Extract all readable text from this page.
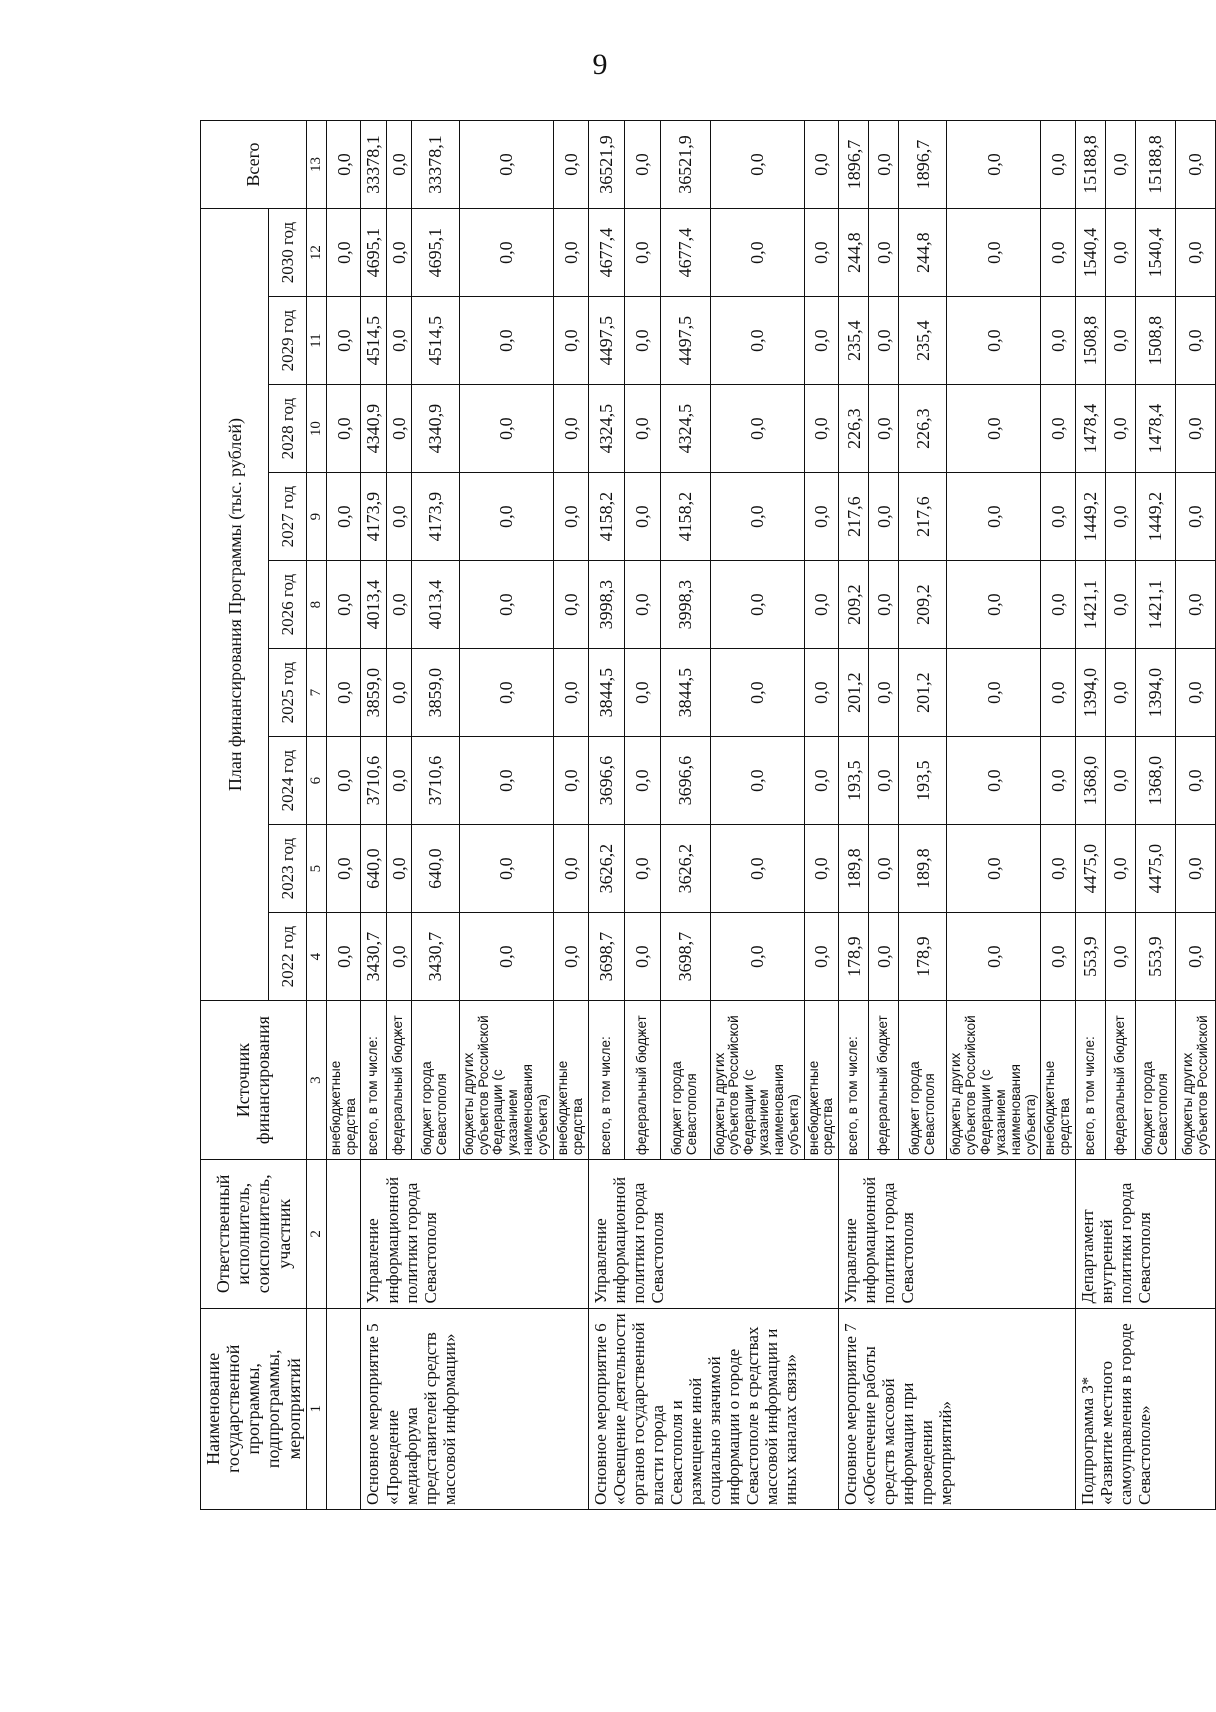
9
Наименование государственной программы, подпрограммы, мероприятий	Ответственный исполнитель, соисполнитель, участник	Источник финансирования	План финансирования Программы (тыс. рублей)									Всего
			2022 год	2023 год	2024 год	2025 год	2026 год	2027 год	2028 год	2029 год	2030 год	
1	2	3	4	5	6	7	8	9	10	11	12	13
		внебюджетные средства	0,0	0,0	0,0	0,0	0,0	0,0	0,0	0,0	0,0	0,0
Основное мероприятие 5 «Проведение медиафорума представителей средств массовой информации»	Управление информационной политики города Севастополя	всего, в том числе:	3430,7	640,0	3710,6	3859,0	4013,4	4173,9	4340,9	4514,5	4695,1	33378,1
		федеральный бюджет	0,0	0,0	0,0	0,0	0,0	0,0	0,0	0,0	0,0	0,0
		бюджет города Севастополя	3430,7	640,0	3710,6	3859,0	4013,4	4173,9	4340,9	4514,5	4695,1	33378,1
		бюджеты других субъектов Российской Федерации (с указанием наименования субъекта)	0,0	0,0	0,0	0,0	0,0	0,0	0,0	0,0	0,0	0,0
		внебюджетные средства	0,0	0,0	0,0	0,0	0,0	0,0	0,0	0,0	0,0	0,0
Основное мероприятие 6 «Освещение деятельности органов государственной власти города Севастополя и размещение иной социально значимой информации о городе Севастополе в средствах массовой информации и иных каналах связи»	Управление информационной политики города Севастополя	всего, в том числе:	3698,7	3626,2	3696,6	3844,5	3998,3	4158,2	4324,5	4497,5	4677,4	36521,9
		федеральный бюджет	0,0	0,0	0,0	0,0	0,0	0,0	0,0	0,0	0,0	0,0
		бюджет города Севастополя	3698,7	3626,2	3696,6	3844,5	3998,3	4158,2	4324,5	4497,5	4677,4	36521,9
		бюджеты других субъектов Российской Федерации (с указанием наименования субъекта)	0,0	0,0	0,0	0,0	0,0	0,0	0,0	0,0	0,0	0,0
		внебюджетные средства	0,0	0,0	0,0	0,0	0,0	0,0	0,0	0,0	0,0	0,0
Основное мероприятие 7 «Обеспечение работы средств массовой информации при проведении мероприятий»	Управление информационной политики города Севастополя	всего, в том числе:	178,9	189,8	193,5	201,2	209,2	217,6	226,3	235,4	244,8	1896,7
		федеральный бюджет	0,0	0,0	0,0	0,0	0,0	0,0	0,0	0,0	0,0	0,0
		бюджет города Севастополя	178,9	189,8	193,5	201,2	209,2	217,6	226,3	235,4	244,8	1896,7
		бюджеты других субъектов Российской Федерации (с указанием наименования субъекта)	0,0	0,0	0,0	0,0	0,0	0,0	0,0	0,0	0,0	0,0
		внебюджетные средства	0,0	0,0	0,0	0,0	0,0	0,0	0,0	0,0	0,0	0,0
Подпрограмма 3* «Развитие местного самоуправления в городе Севастополе»	Департамент внутренней политики города Севастополя	всего, в том числе:	553,9	4475,0	1368,0	1394,0	1421,1	1449,2	1478,4	1508,8	1540,4	15188,8
		федеральный бюджет	0,0	0,0	0,0	0,0	0,0	0,0	0,0	0,0	0,0	0,0
		бюджет города Севастополя	553,9	4475,0	1368,0	1394,0	1421,1	1449,2	1478,4	1508,8	1540,4	15188,8
		бюджеты других субъектов Российской	0,0	0,0	0,0	0,0	0,0	0,0	0,0	0,0	0,0	0,0
